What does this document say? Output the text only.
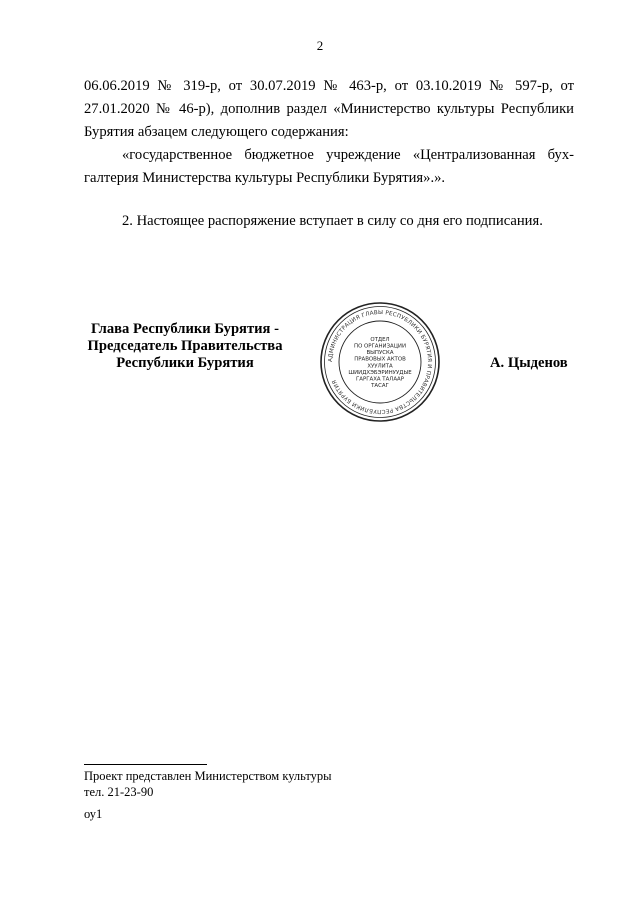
2
06.06.2019 № 319-р, от 30.07.2019 № 463-р, от 03.10.2019 № 597-р, от
27.01.2020 № 46-р), дополнив раздел «Министерство культуры Республики
Бурятия абзацем следующего содержания:
«государственное бюджетное учреждение «Централизованная бух-галтерия Министерства культуры Республики Бурятия».».
2. Настоящее распоряжение вступает в силу со дня его подписания.
Глава Республики Бурятия -
Председатель Правительства
Республики Бурятия	АДМИНИСТРАЦИЯ ГЛАВЫ РЕСПУБЛИКИ БУРЯТИЯ И ПРАВИТЕЛЬСТВА РЕСПУБЛИКИ БУРЯТИЯ
ОТДЕЛ
ПО ОРГАНИЗАЦИИ
ВЫПУСКА
ПРАВОВЫХ АКТОВ
ХУУЛИТА
ШИИДХЭБЭРИНУУДЫЕ
ГАРГАХА ТАЛААР
ТАСАГ
А. Цыденов
Проект представлен Министерством культуры
тел. 21-23-90
оу1
